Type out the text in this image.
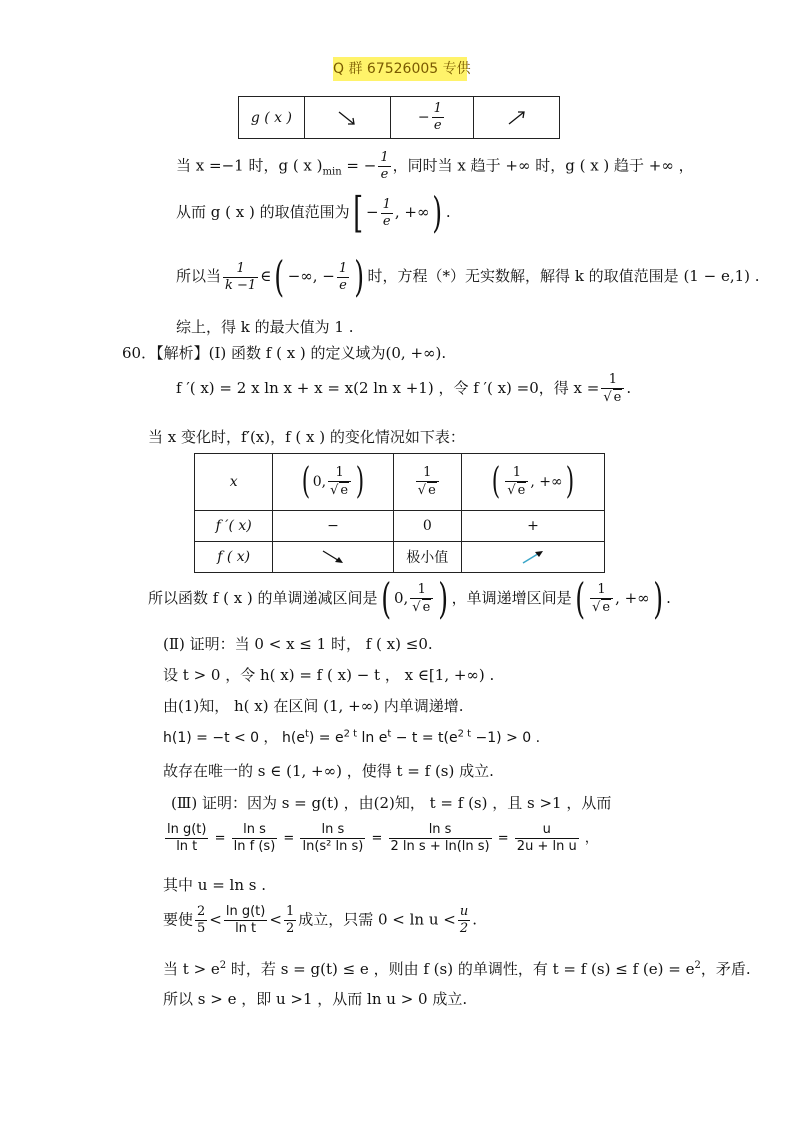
Q 群 67526005 专供
g ( x )		− $\frac{1}{e}$

当 x =−1 时，g ( x )$_{min}$ = − $\frac{1}{e}$ ，同时当 x 趋于 +∞ 时，g ( x ) 趋于 +∞ ，
从而 g ( x ) 的取值范围为[ − $\frac{1}{e}$ , +∞) .
所以当 $\frac{1}{k -1}$ ∈( −∞, − $\frac{1}{e}$ ) 时，方程（*）无实数解，解得 k 的取值范围是 (1 − e,1) .
综上，得 k 的最大值为 1 .
60．【解析】(Ⅰ) 函数 f ( x ) 的定义域为(0, +∞).
f ′( x) = 2 x ln x + x = x(2 ln x +1) ，令 f ′( x) =0，得 $x = \frac{1}{√ e}$ .
当 x 变化时，f′(x)，f ( x ) 的变化情况如下表：
x	( 0, $\frac{1}{√ e}$ )	$\frac{1}{√ e}$	( $\frac{1}{√ e}$ , +∞)
f ′( x)	−	0	+
f ( x)		极小值	
所以函数 f ( x ) 的单调递减区间是( 0, $\frac{1}{√ e}$ ) ，单调递增区间是( $\frac{1}{√ e}$ , +∞) .
(Ⅱ) 证明：当 0 < x ≤ 1 时， f ( x) ≤0.
设 t > 0 ，令 h( x) = f ( x) − t ， x ∈[1, +∞) .
由(1)知， h( x) 在区间 (1, +∞) 内单调递增.
h(1) = −t < 0 ， $h(e^t) = e^{2 t}$ $\ln e^t - t = t(e^{2 t} -1) > 0$ .
故存在唯一的 s ∈ (1, +∞) ，使得 t = f (s) 成立.
(Ⅲ) 证明：因为 s = g(t) ，由(2)知， t = f (s) ，且 s >1 ，从而
$\frac{\text{ln g(t)}}{\text{ln t}} = \frac{\text{ln s}}{\text{ln f (s)}} = \frac{\text{ln s}}{\text{ln(s² ln s)}} = \frac{\text{ln s}}{\text{2 ln s + ln(ln s)}} = \frac{u}{\text{2u + ln u}}$ ，
其中 u = ln s .
要使 $\frac{2}{5} < \frac{\text{ln g(t)}}{\text{ln t}} < \frac{1}{2}$ 成立，只需 $0 < \ln u < \frac{u}{2}$ .
当 $t > e^2$ 时，若 s = g(t) ≤ e ，则由 f (s) 的单调性，有 t = f (s) ≤ f $(e) = e^2$，矛盾.
所以 s > e ，即 u >1 ，从而 ln u > 0 成立.
